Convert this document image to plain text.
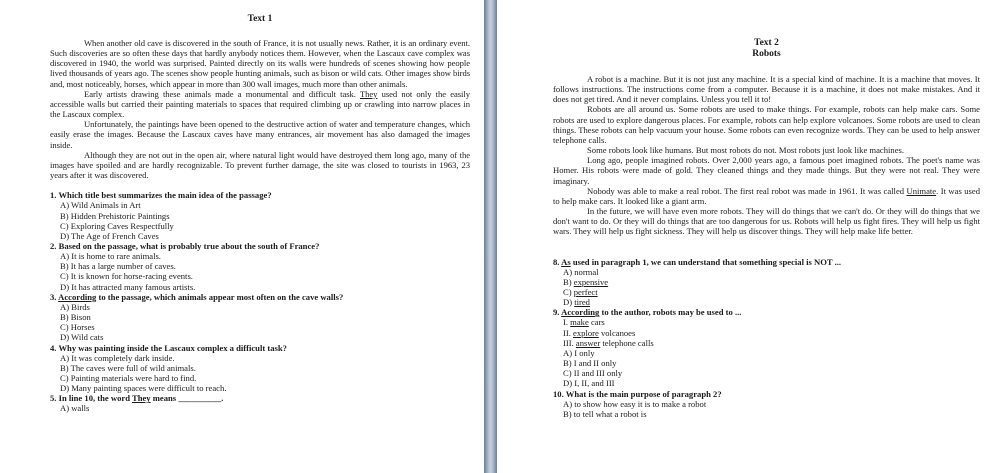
Text 1

When another old cave is discovered in the south of France, it is not usually news. Rather, it is an ordinary event. Such discoveries are so often these days that hardly anybody notices them. However, when the Lascaux cave complex was discovered in 1940, the world was surprised. Painted directly on its walls were hundreds of scenes showing how people lived thousands of years ago. The scenes show people hunting animals, such as bison or wild cats. Other images show birds and, most noticeably, horses, which appear in more than 300 wall images, much more than other animals.

Early artists drawing these animals made a monumental and difficult task. They used not only the easily accessible walls but carried their painting materials to spaces that required climbing up or crawling into narrow places in the Lascaux complex.

Unfortunately, the paintings have been opened to the destructive action of water and temperature changes, which easily erase the images. Because the Lascaux caves have many entrances, air movement has also damaged the images inside.

Although they are not out in the open air, where natural light would have destroyed them long ago, many of the images have spoiled and are hardly recognizable. To prevent further damage, the site was closed to tourists in 1963, 23 years after it was discovered.

1. Which title best summarizes the main idea of the passage?

A) Wild Animals in Art

B) Hidden Prehistoric Paintings

C) Exploring Caves Respectfully

D) The Age of French Caves

2. Based on the passage, what is probably true about the south of France?

A) It is home to rare animals.

B) It has a large number of caves.

C) It is known for horse-racing events.

D) It has attracted many famous artists.

3. According to the passage, which animals appear most often on the cave walls?

A) Birds

B) Bison

C) Horses

D) Wild cats

4. Why was painting inside the Lascaux complex a difficult task?

A) It was completely dark inside.

B) The caves were full of wild animals.

C) Painting materials were hard to find.

D) Many painting spaces were difficult to reach.

5. In line 10, the word They means __________.

A) walls

Text 2

Robots

A robot is a machine. But it is not just any machine. It is a special kind of machine. It is a machine that moves. It follows instructions. The instructions come from a computer. Because it is a machine, it does not make mistakes. And it does not get tired. And it never complains. Unless you tell it to!

Robots are all around us. Some robots are used to make things. For example, robots can help make cars. Some robots are used to explore dangerous places. For example, robots can help explore volcanoes. Some robots are used to clean things. These robots can help vacuum your house. Some robots can even recognize words. They can be used to help answer telephone calls.

Some robots look like humans. But most robots do not. Most robots just look like machines.

Long ago, people imagined robots. Over 2,000 years ago, a famous poet imagined robots. The poet's name was Homer. His robots were made of gold. They cleaned things and they made things. But they were not real. They were imaginary.

Nobody was able to make a real robot. The first real robot was made in 1961. It was called Unimate. It was used to help make cars. It looked like a giant arm.

In the future, we will have even more robots. They will do things that we can't do. Or they will do things that we don't want to do. Or they will do things that are too dangerous for us. Robots will help us fight fires. They will help us fight wars. They will help us fight sickness. They will help us discover things. They will help make life better.

8. As used in paragraph 1, we can understand that something special is NOT ...

A) normal

B) expensive

C) perfect

D) tired

9. According to the author, robots may be used to ...

I. make cars

II. explore volcanoes

III. answer telephone calls

A) I only

B) I and II only

C) II and III only

D) I, II, and III

10. What is the main purpose of paragraph 2?

A) to show how easy it is to make a robot

B) to tell what a robot is
